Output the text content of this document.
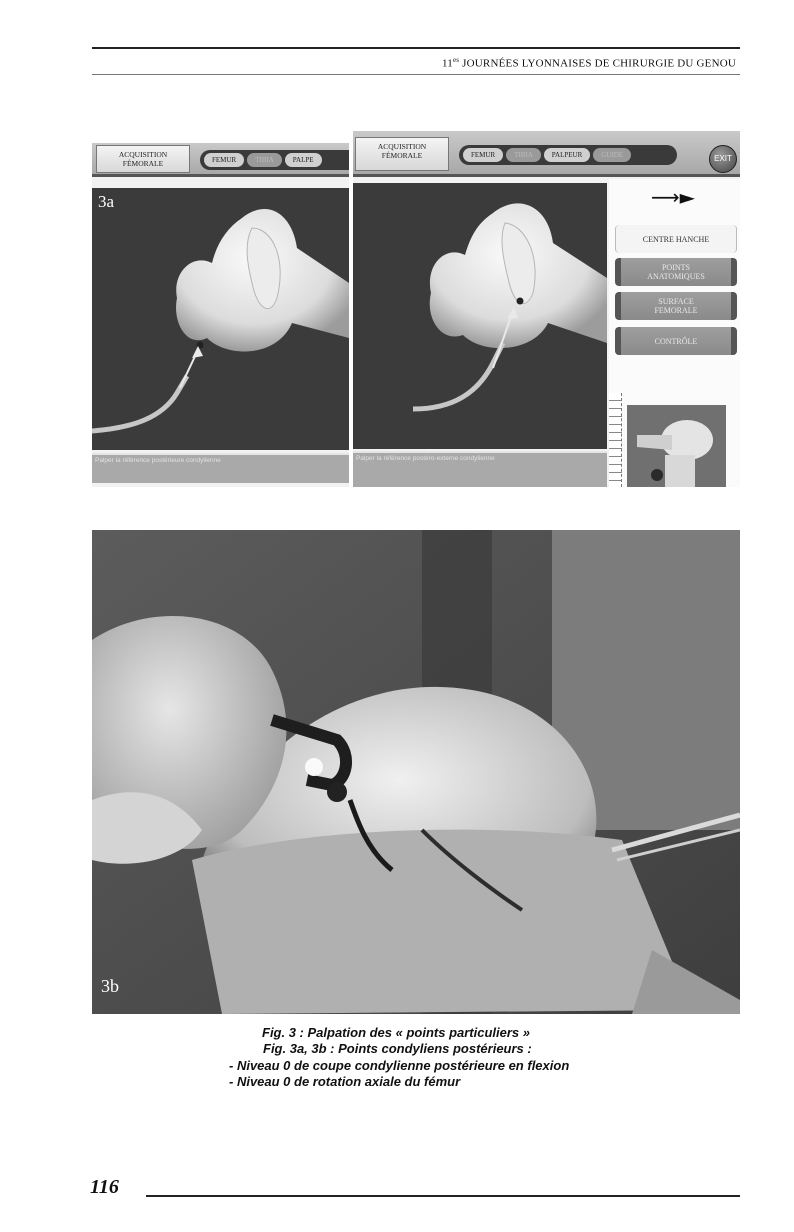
$11^{es}$ JOURNÉES LYONNAISES DE CHIRURGIE DU GENOU
ACQUISITION
FÉMORALE	FEMUR	TIBIA	PALPE
3a
Palper la référence postérieure condylienne
ACQUISITION
FÉMORALE	FEMUR	TIBIA	PALPEUR	GUIDE	EXIT
Palper la référence postéro-externe condylienne
⟶►
CENTRE HANCHE
POINTS
ANATOMIQUES
SURFACE
FEMORALE
CONTRÔLE
3b
Fig. 3 : Palpation des « points particuliers »
Fig. 3a, 3b : Points condyliens postérieurs :
- Niveau 0 de coupe condylienne postérieure en flexion
- Niveau 0 de rotation axiale du fémur
116
